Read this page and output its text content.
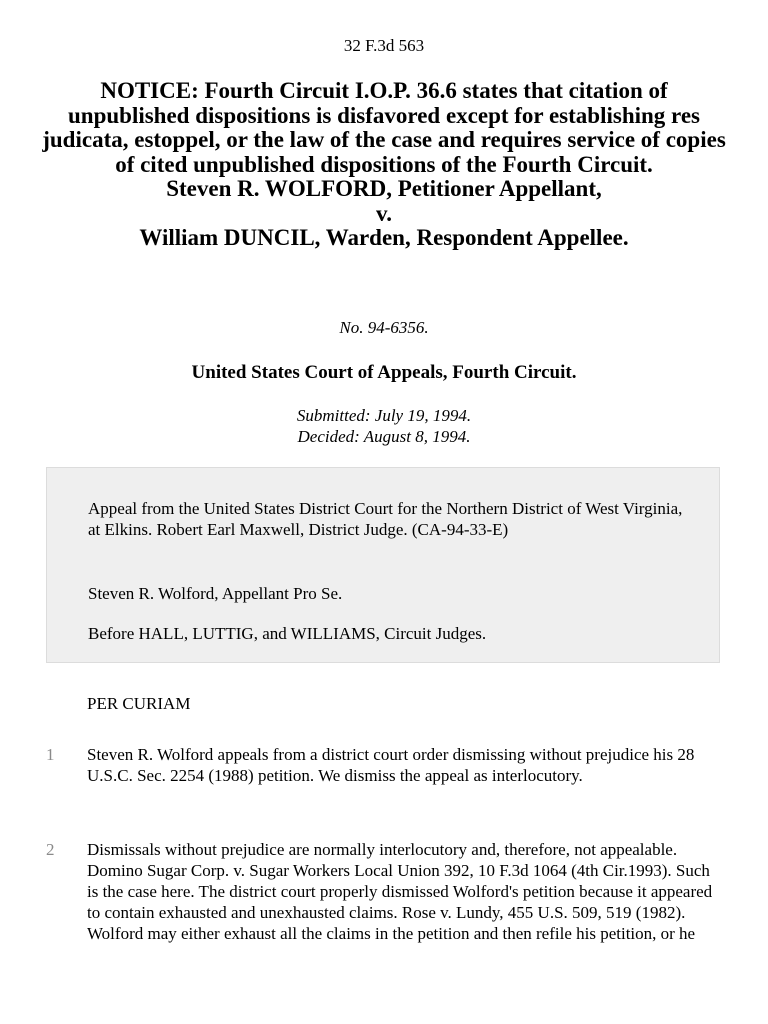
32 F.3d 563
NOTICE: Fourth Circuit I.O.P. 36.6 states that citation of unpublished dispositions is disfavored except for establishing res judicata, estoppel, or the law of the case and requires service of copies of cited unpublished dispositions of the Fourth Circuit.
Steven R. WOLFORD, Petitioner Appellant,
v.
William DUNCIL, Warden, Respondent Appellee.
No. 94-6356.
United States Court of Appeals, Fourth Circuit.
Submitted: July 19, 1994.
Decided: August 8, 1994.

Appeal from the United States District Court for the Northern District of West Virginia, at Elkins. Robert Earl Maxwell, District Judge. (CA-94-33-E)

Steven R. Wolford, Appellant Pro Se.

Before HALL, LUTTIG, and WILLIAMS, Circuit Judges.

PER CURIAM
1 Steven R. Wolford appeals from a district court order dismissing without prejudice his 28 U.S.C. Sec. 2254 (1988) petition. We dismiss the appeal as interlocutory.
2 Dismissals without prejudice are normally interlocutory and, therefore, not appealable. Domino Sugar Corp. v. Sugar Workers Local Union 392, 10 F.3d 1064 (4th Cir.1993). Such is the case here. The district court properly dismissed Wolford's petition because it appeared to contain exhausted and unexhausted claims. Rose v. Lundy, 455 U.S. 509, 519 (1982). Wolford may either exhaust all the claims in the petition and then refile his petition, or he
